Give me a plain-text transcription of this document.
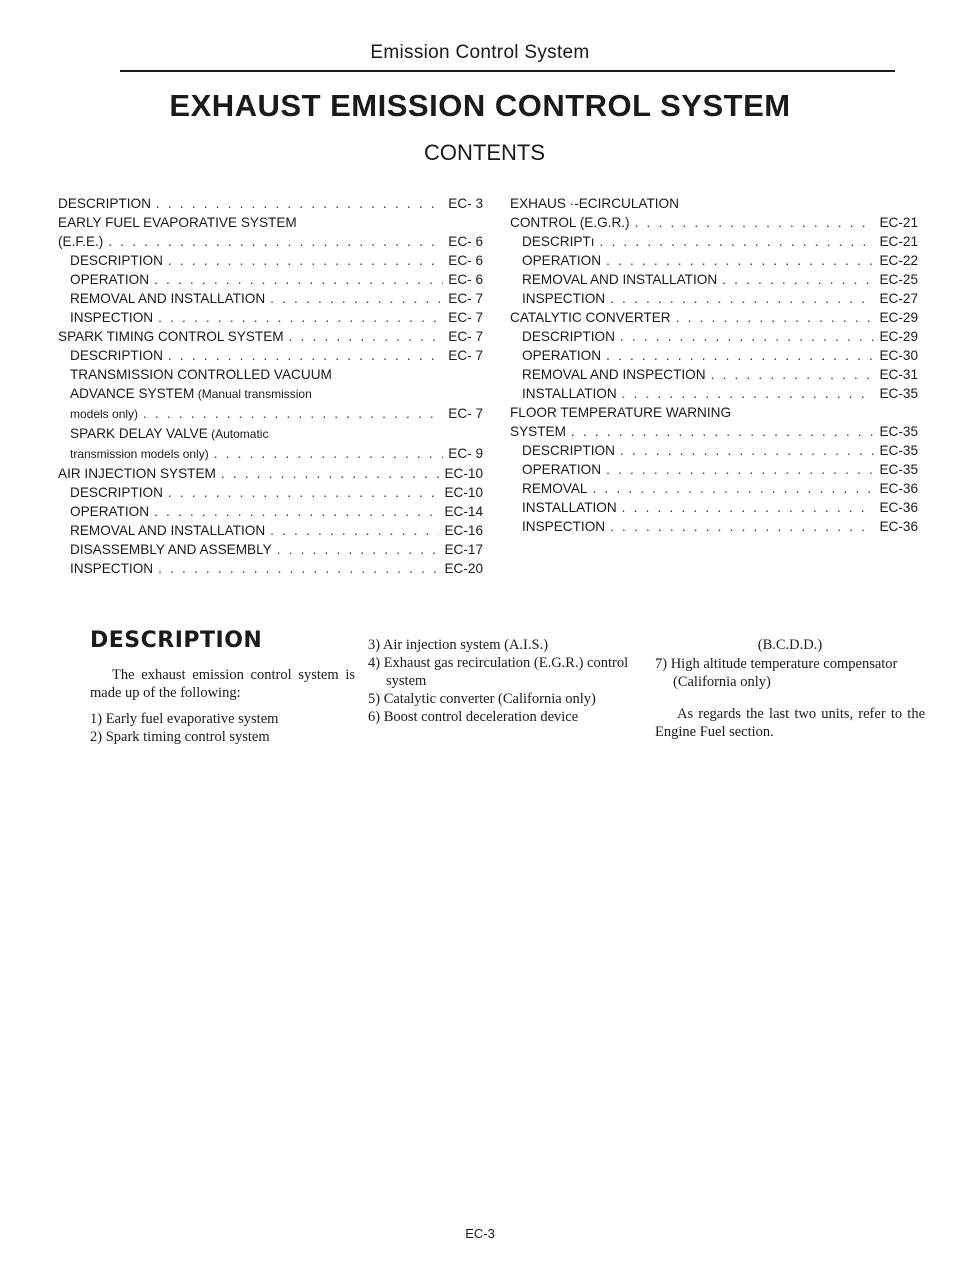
Emission Control System
EXHAUST EMISSION CONTROL SYSTEM
CONTENTS
DESCRIPTION . . .	EC- 3
EARLY FUEL EVAPORATIVE SYSTEM
(E.F.E.) . . .	EC- 6
DESCRIPTION . . .	EC- 6
OPERATION . . .	EC- 6
REMOVAL AND INSTALLATION . . .	EC- 7
INSPECTION . . .	EC- 7
SPARK TIMING CONTROL SYSTEM . . .	EC- 7
DESCRIPTION . . .	EC- 7
TRANSMISSION CONTROLLED VACUUM
ADVANCE SYSTEM (Manual transmission
models only) . . .	EC- 7
SPARK DELAY VALVE (Automatic
transmission models only) . . .	EC- 9
AIR INJECTION SYSTEM . . .	EC-10
DESCRIPTION . . .	EC-10
OPERATION . . .	EC-14
REMOVAL AND INSTALLATION . . .	EC-16
DISASSEMBLY AND ASSEMBLY . . .	EC-17
INSPECTION . . .	EC-20
EXHAUS ·-ECIRCULATION
CONTROL (E.G.R.) . . .	EC-21
DESCRIPTı . . .	EC-21
OPERATION . . .	EC-22
REMOVAL AND INSTALLATION . . .	EC-25
INSPECTION . . .	EC-27
CATALYTIC CONVERTER . . .	EC-29
DESCRIPTION . . .	EC-29
OPERATION . . .	EC-30
REMOVAL AND INSPECTION . . .	EC-31
INSTALLATION . . .	EC-35
FLOOR TEMPERATURE WARNING
SYSTEM . . .	EC-35
DESCRIPTION . . .	EC-35
OPERATION . . .	EC-35
REMOVAL . . .	EC-36
INSTALLATION . . .	EC-36
INSPECTION . . .	EC-36
DESCRIPTION

The exhaust emission control system is made up of the following:

1) Early fuel evaporative system

2) Spark timing control system

3) Air injection system (A.I.S.)

4) Exhaust gas recirculation (E.G.R.) control system

5) Catalytic converter (California only)

6) Boost control deceleration device

(B.C.D.D.)

7) High altitude temperature compensator (California only)

As regards the last two units, refer to the Engine Fuel section.

EC-3
